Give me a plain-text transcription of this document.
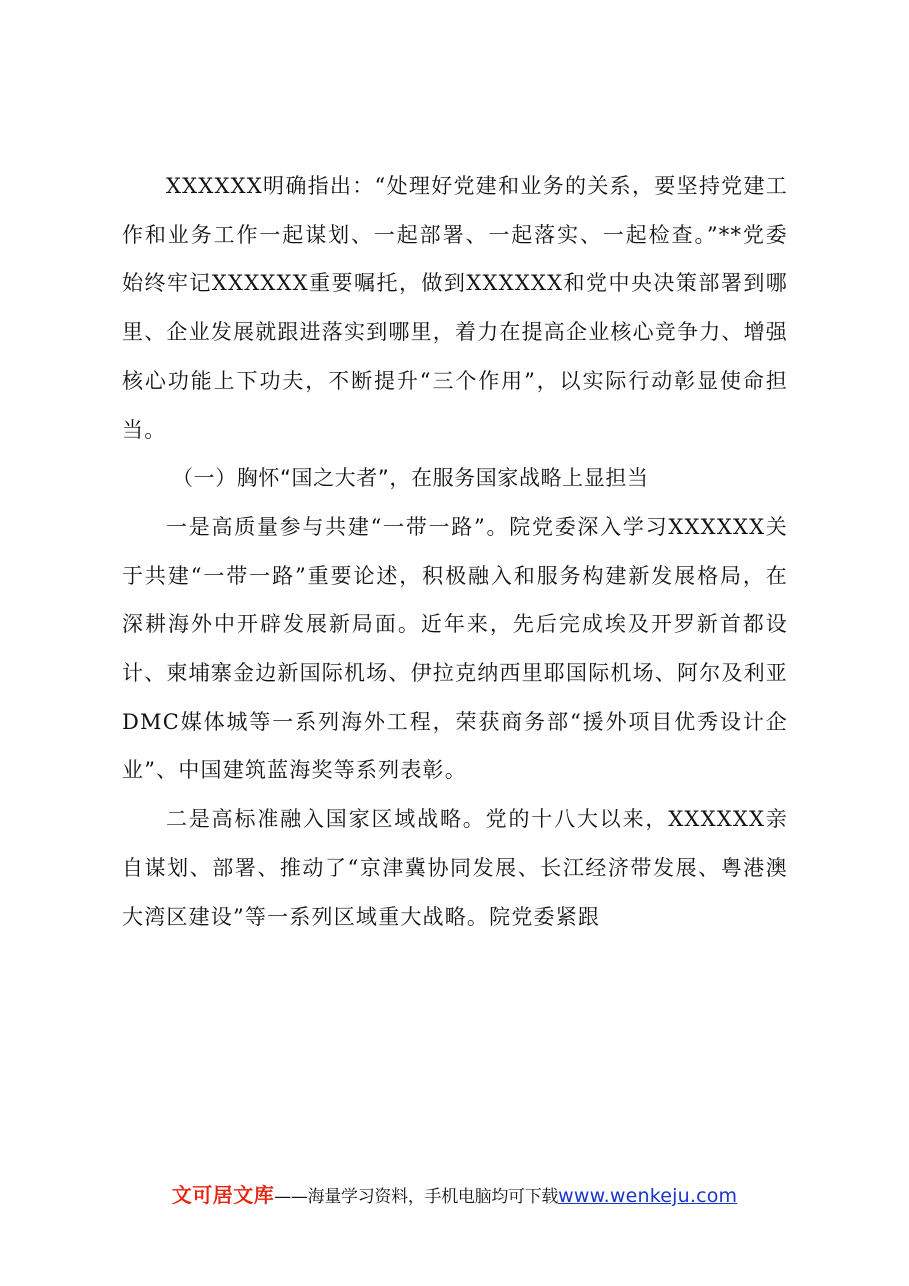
XXXXXX明确指出：“处理好党建和业务的关系，要坚持党建工作和业务工作一起谋划、一起部署、一起落实、一起检查。”**党委始终牢记XXXXXX重要嘱托，做到XXXXXX和党中央决策部署到哪里、企业发展就跟进落实到哪里，着力在提高企业核心竞争力、增强核心功能上下功夫，不断提升“三个作用”，以实际行动彰显使命担当。

（一）胸怀“国之大者”，在服务国家战略上显担当

一是高质量参与共建“一带一路”。院党委深入学习XXXXXX关于共建“一带一路”重要论述，积极融入和服务构建新发展格局，在深耕海外中开辟发展新局面。近年来，先后完成埃及开罗新首都设计、柬埔寨金边新国际机场、伊拉克纳西里耶国际机场、阿尔及利亚DMC媒体城等一系列海外工程，荣获商务部“援外项目优秀设计企业”、中国建筑蓝海奖等系列表彰。

二是高标准融入国家区域战略。党的十八大以来，XXXXXX亲自谋划、部署、推动了“京津冀协同发展、长江经济带发展、粤港澳大湾区建设”等一系列区域重大战略。院党委紧跟

文可居文库——海量学习资料，手机电脑均可下载www.wenkeju.com
